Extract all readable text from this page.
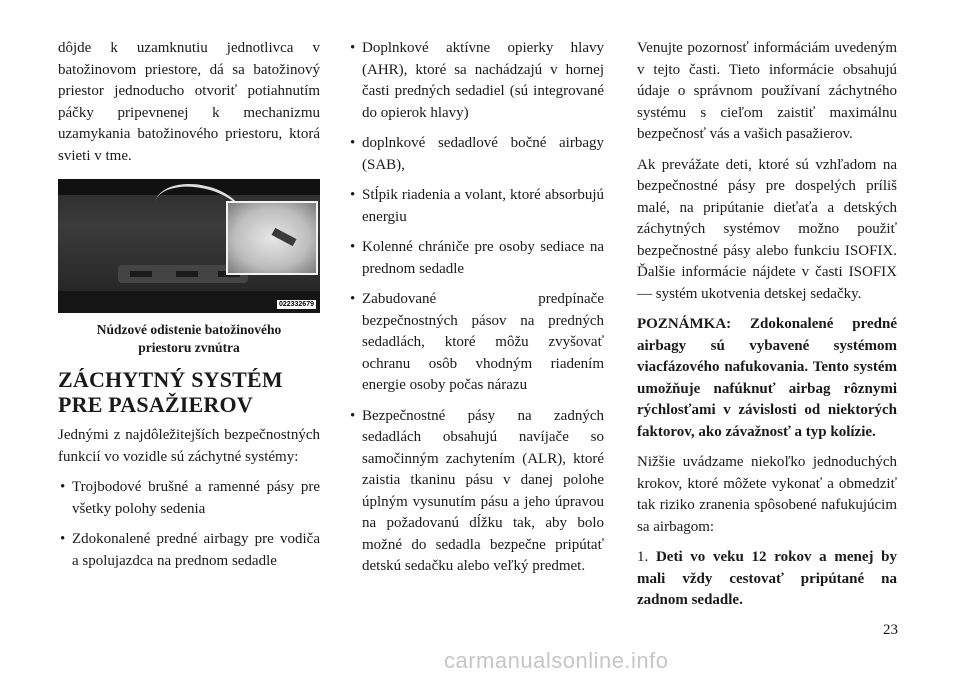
dôjde k uzamknutiu jednotlivca v batožinovom priestore, dá sa batožinový priestor jednoducho otvoriť potiahnutím páčky pripevnenej k mechanizmu uzamykania batožinového priestoru, ktorá svieti v tme.

022332679
Núdzové odistenie batožinového
priestoru zvnútra
ZÁCHYTNÝ SYSTÉM
PRE PASAŽIEROV

Jednými z najdôležitejších bezpečnostných funkcií vo vozidle sú záchytné systémy:

• Trojbodové brušné a ramenné pásy pre všetky polohy sedenia
• Zdokonalené predné airbagy pre vodiča a spolujazdca na prednom sedadle
• Doplnkové aktívne opierky hlavy (AHR), ktoré sa nachádzajú v hornej časti predných sedadiel (sú integrované do opierok hlavy)
• doplnkové sedadlové bočné airbagy (SAB),
• Stĺpik riadenia a volant, ktoré absorbujú energiu
• Kolenné chrániče pre osoby sediace na prednom sedadle
• Zabudované predpínače bezpečnostných pásov na predných sedadlách, ktoré môžu zvyšovať ochranu osôb vhodným riadením energie osoby počas nárazu
• Bezpečnostné pásy na zadných sedadlách obsahujú navíjače so samočinným zachytením (ALR), ktoré zaistia tkaninu pásu v danej polohe úplným vysunutím pásu a jeho úpravou na požadovanú dĺžku tak, aby bolo možné do sedadla bezpečne pripútať detskú sedačku alebo veľký predmet.

Venujte pozornosť informáciám uvedeným v tejto časti. Tieto informácie obsahujú údaje o správnom používaní záchytného systému s cieľom zaistiť maximálnu bezpečnosť vás a vašich pasažierov.

Ak prevážate deti, ktoré sú vzhľadom na bezpečnostné pásy pre dospelých príliš malé, na pripútanie dieťaťa a detských záchytných systémov možno použiť bezpečnostné pásy alebo funkciu ISOFIX. Ďalšie informácie nájdete v časti ISOFIX — systém ukotvenia detskej sedačky.

POZNÁMKA: Zdokonalené predné airbagy sú vybavené systémom viacfázového nafukovania. Tento systém umožňuje nafúknuť airbag rôznymi rýchlosťami v závislosti od niektorých faktorov, ako závažnosť a typ kolízie.

Nižšie uvádzame niekoľko jednoduchých krokov, ktoré môžete vykonať a obmedziť tak riziko zranenia spôsobené nafukujúcim sa airbagom:

1. Deti vo veku 12 rokov a menej by mali vždy cestovať pripútané na zadnom sedadle.

23
carmanualsonline.info
